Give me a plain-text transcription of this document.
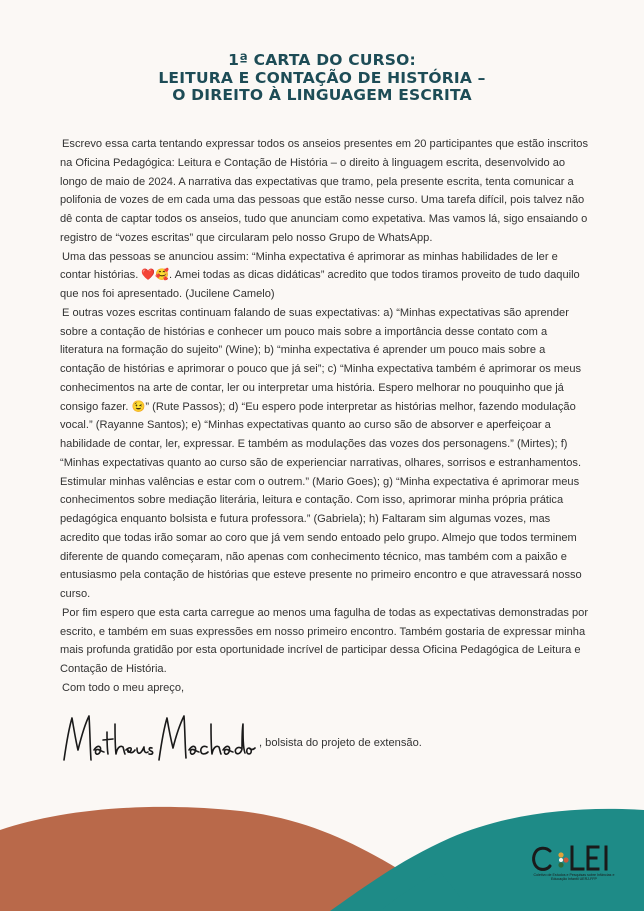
1ª CARTA DO CURSO:
LEITURA E CONTAÇÃO DE HISTÓRIA –
O DIREITO À LINGUAGEM ESCRITA

Escrevo essa carta tentando expressar todos os anseios presentes em 20 participantes que estão inscritos na Oficina Pedagógica: Leitura e Contação de História – o direito à linguagem escrita, desenvolvido ao longo de maio de 2024. A narrativa das expectativas que tramo, pela presente escrita, tenta comunicar a polifonia de vozes de em cada uma das pessoas que estão nesse curso. Uma tarefa difícil, pois talvez não dê conta de captar todos os anseios, tudo que anunciam como expetativa. Mas vamos lá, sigo ensaiando o registro de “vozes escritas” que circularam pelo nosso Grupo de WhatsApp.

Uma das pessoas se anunciou assim: “Minha expectativa é aprimorar as minhas habilidades de ler e contar histórias. ❤️🥰. Amei todas as dicas didáticas” acredito que todos tiramos proveito de tudo daquilo que nos foi apresentado. (Jucilene Camelo)

E outras vozes escritas continuam falando de suas expectativas: a) “Minhas expectativas são aprender sobre a contação de histórias e conhecer um pouco mais sobre a importância desse contato com a literatura na formação do sujeito” (Wine); b) “minha expectativa é aprender um pouco mais sobre a contação de histórias e aprimorar o pouco que já sei”; c) “Minha expectativa também é aprimorar os meus conhecimentos na arte de contar, ler ou interpretar uma história. Espero melhorar no pouquinho que já consigo fazer. 😉” (Rute Passos); d) “Eu espero pode interpretar as histórias melhor, fazendo modulação vocal.” (Rayanne Santos); e) “Minhas expectativas quanto ao curso são de absorver e aperfeiçoar a habilidade de contar, ler, expressar. E também as modulações das vozes dos personagens.” (Mirtes); f) “Minhas expectativas quanto ao curso são de experienciar narrativas, olhares, sorrisos e estranhamentos. Estimular minhas valências e estar com o outrem.” (Mario Goes); g) “Minha expectativa é aprimorar meus conhecimentos sobre mediação literária, leitura e contação. Com isso, aprimorar minha própria prática pedagógica enquanto bolsista e futura professora.” (Gabriela); h) Faltaram sim algumas vozes, mas acredito que todas irão somar ao coro que já vem sendo entoado pelo grupo. Almejo que todos terminem diferente de quando começaram, não apenas com conhecimento técnico, mas também com a paixão e entusiasmo pela contação de histórias que esteve presente no primeiro encontro e que atravessará nosso curso.

Por fim espero que esta carta carregue ao menos uma fagulha de todas as expectativas demonstradas por escrito, e também em suas expressões em nosso primeiro encontro. Também gostaria de expressar minha mais profunda gratidão por esta oportunidade incrível de participar dessa Oficina Pedagógica de Leitura e Contação de História.

Com todo o meu apreço,

, bolsista do projeto de extensão.
Coletivo de Estudos e Pesquisas sobre Infâncias e Educação Infantil UERJ-FFP
